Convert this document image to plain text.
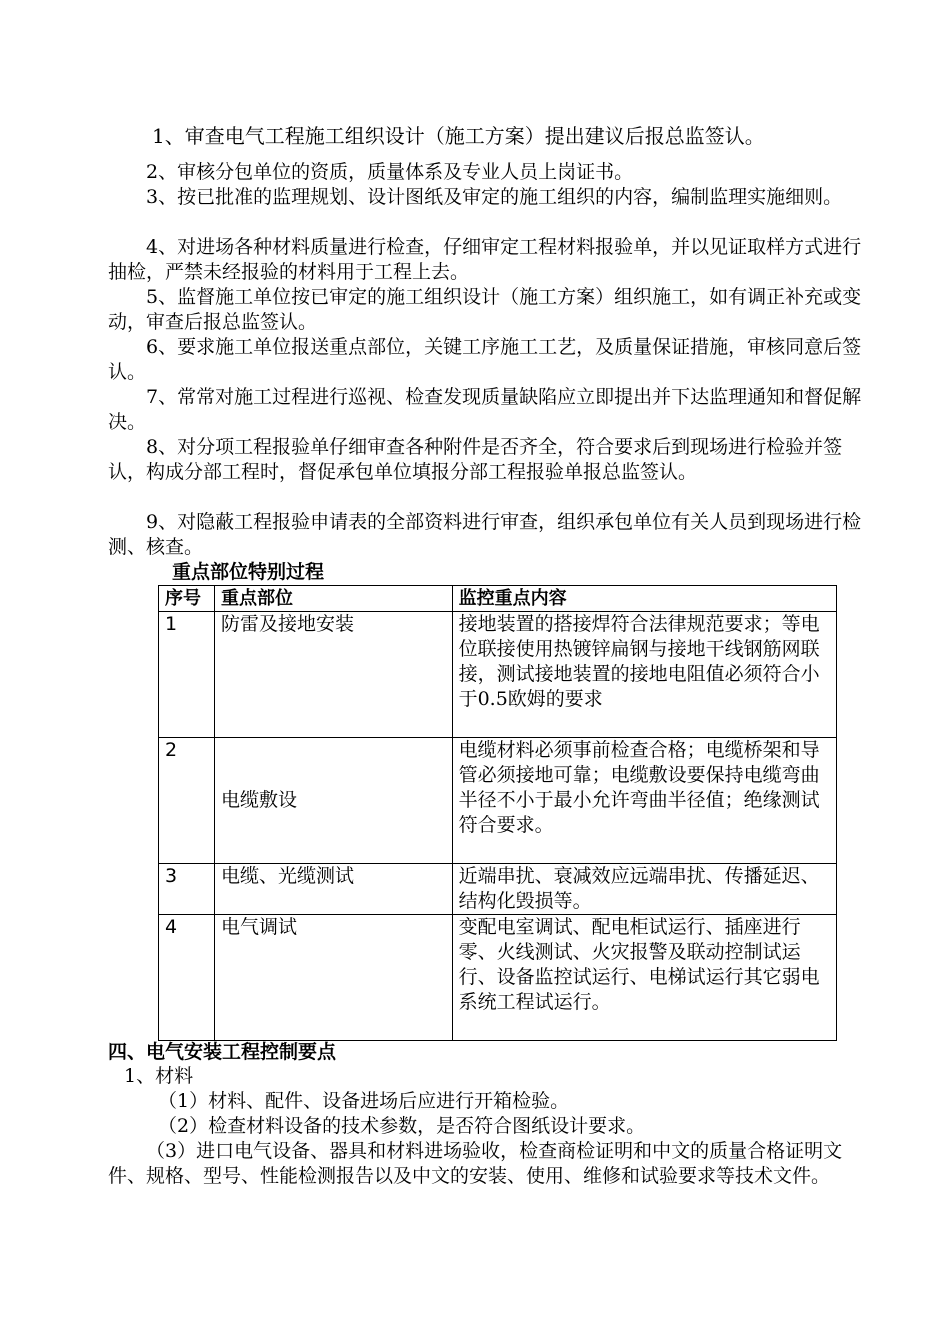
1、审查电气工程施工组织设计（施工方案）提出建议后报总监签认。
2、审核分包单位的资质，质量体系及专业人员上岗证书。
3、按已批准的监理规划、设计图纸及审定的施工组织的内容，编制监理实施细则。
4、对进场各种材料质量进行检查，仔细审定工程材料报验单，并以见证取样方式进行抽检，严禁未经报验的材料用于工程上去。
5、监督施工单位按已审定的施工组织设计（施工方案）组织施工，如有调正补充或变动，审查后报总监签认。
6、要求施工单位报送重点部位，关键工序施工工艺，及质量保证措施，审核同意后签认。
7、常常对施工过程进行巡视、检查发现质量缺陷应立即提出并下达监理通知和督促解决。
8、对分项工程报验单仔细审查各种附件是否齐全，符合要求后到现场进行检验并签认，构成分部工程时，督促承包单位填报分部工程报验单报总监签认。
9、对隐蔽工程报验申请表的全部资料进行审查，组织承包单位有关人员到现场进行检测、核查。
重点部位特别过程
序号	重点部位	监控重点内容
1	防雷及接地安装	接地装置的搭接焊符合法律规范要求；等电位联接使用热镀锌扁钢与接地干线钢筋网联接，测试接地装置的接地电阻值必须符合小于0.5欧姆的要求
2	电缆敷设	电缆材料必须事前检查合格；电缆桥架和导管必须接地可靠；电缆敷设要保持电缆弯曲半径不小于最小允许弯曲半径值；绝缘测试符合要求。
3	电缆、光缆测试	近端串扰、衰减效应远端串扰、传播延迟、结构化毁损等。
4	电气调试	变配电室调试、配电柜试运行、插座进行零、火线测试、火灾报警及联动控制试运行、设备监控试运行、电梯试运行其它弱电系统工程试运行。
四、电气安装工程控制要点
1、材料
（1）材料、配件、设备进场后应进行开箱检验。
（2）检查材料设备的技术参数，是否符合图纸设计要求。
（3）进口电气设备、器具和材料进场验收，检查商检证明和中文的质量合格证明文件、规格、型号、性能检测报告以及中文的安装、使用、维修和试验要求等技术文件。
